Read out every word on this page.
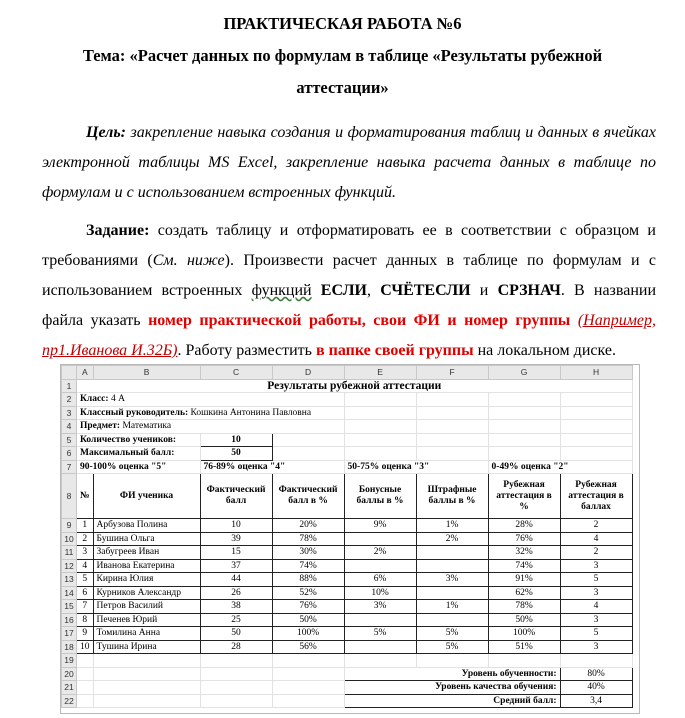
ПРАКТИЧЕСКАЯ РАБОТА №6
Тема: «Расчет данных по формулам в таблице «Результаты рубежной
аттестации»
Цель: закрепление навыка создания и форматирования таблиц и данных в ячейках электронной таблицы MS Excel, закрепление навыка расчета данных в таблице по формулам и с использованием встроенных функций.
Задание: создать таблицу и отформатировать ее в соответствии с образцом и требованиями (См. ниже). Произвести расчет данных в таблице по формулам и с использованием встроенных функций ЕСЛИ, СЧЁТЕСЛИ и СРЗНАЧ. В названии файла указать номер практической работы, свои ФИ и номер группы (Например, пр1.Иванова И.32Б). Работу разместить в папке своей группы на локальном диске.
	A	B	C	D	E	F	G	H
1	Результаты рубежной аттестации							
2	Класс: 4 А							
3	Классный руководитель: Кошкина Антонина Павловна							
4	Предмет: Математика							
5	Количество учеников:		10					
6	Максимальный балл:		50					
7	90-100% оценка "5"		76-89% оценка "4"		50-75% оценка "3"		0-49% оценка "2"	
8	№	ФИ ученика	Фактический балл	Фактический балл в %	Бонусные баллы в %	Штрафные баллы в %	Рубежная аттестация в %	Рубежная аттестация в баллах
9	1	Арбузова Полина	10	20%	9%	1%	28%	2
10	2	Бушина Ольга	39	78%		2%	76%	4
11	3	Забугреев Иван	15	30%	2%		32%	2
12	4	Иванова Екатерина	37	74%			74%	3
13	5	Кирина Юлия	44	88%	6%	3%	91%	5
14	6	Курников Александр	26	52%	10%		62%	3
15	7	Петров Василий	38	76%	3%	1%	78%	4
16	8	Печенев Юрий	25	50%			50%	3
17	9	Томилина Анна	50	100%	5%	5%	100%	5
18	10	Тушина Ирина	28	56%		5%	51%	3
19								
20					Уровень обученности:			80%
21					Уровень качества обучения:			40%
22					Средний балл:			3,4
